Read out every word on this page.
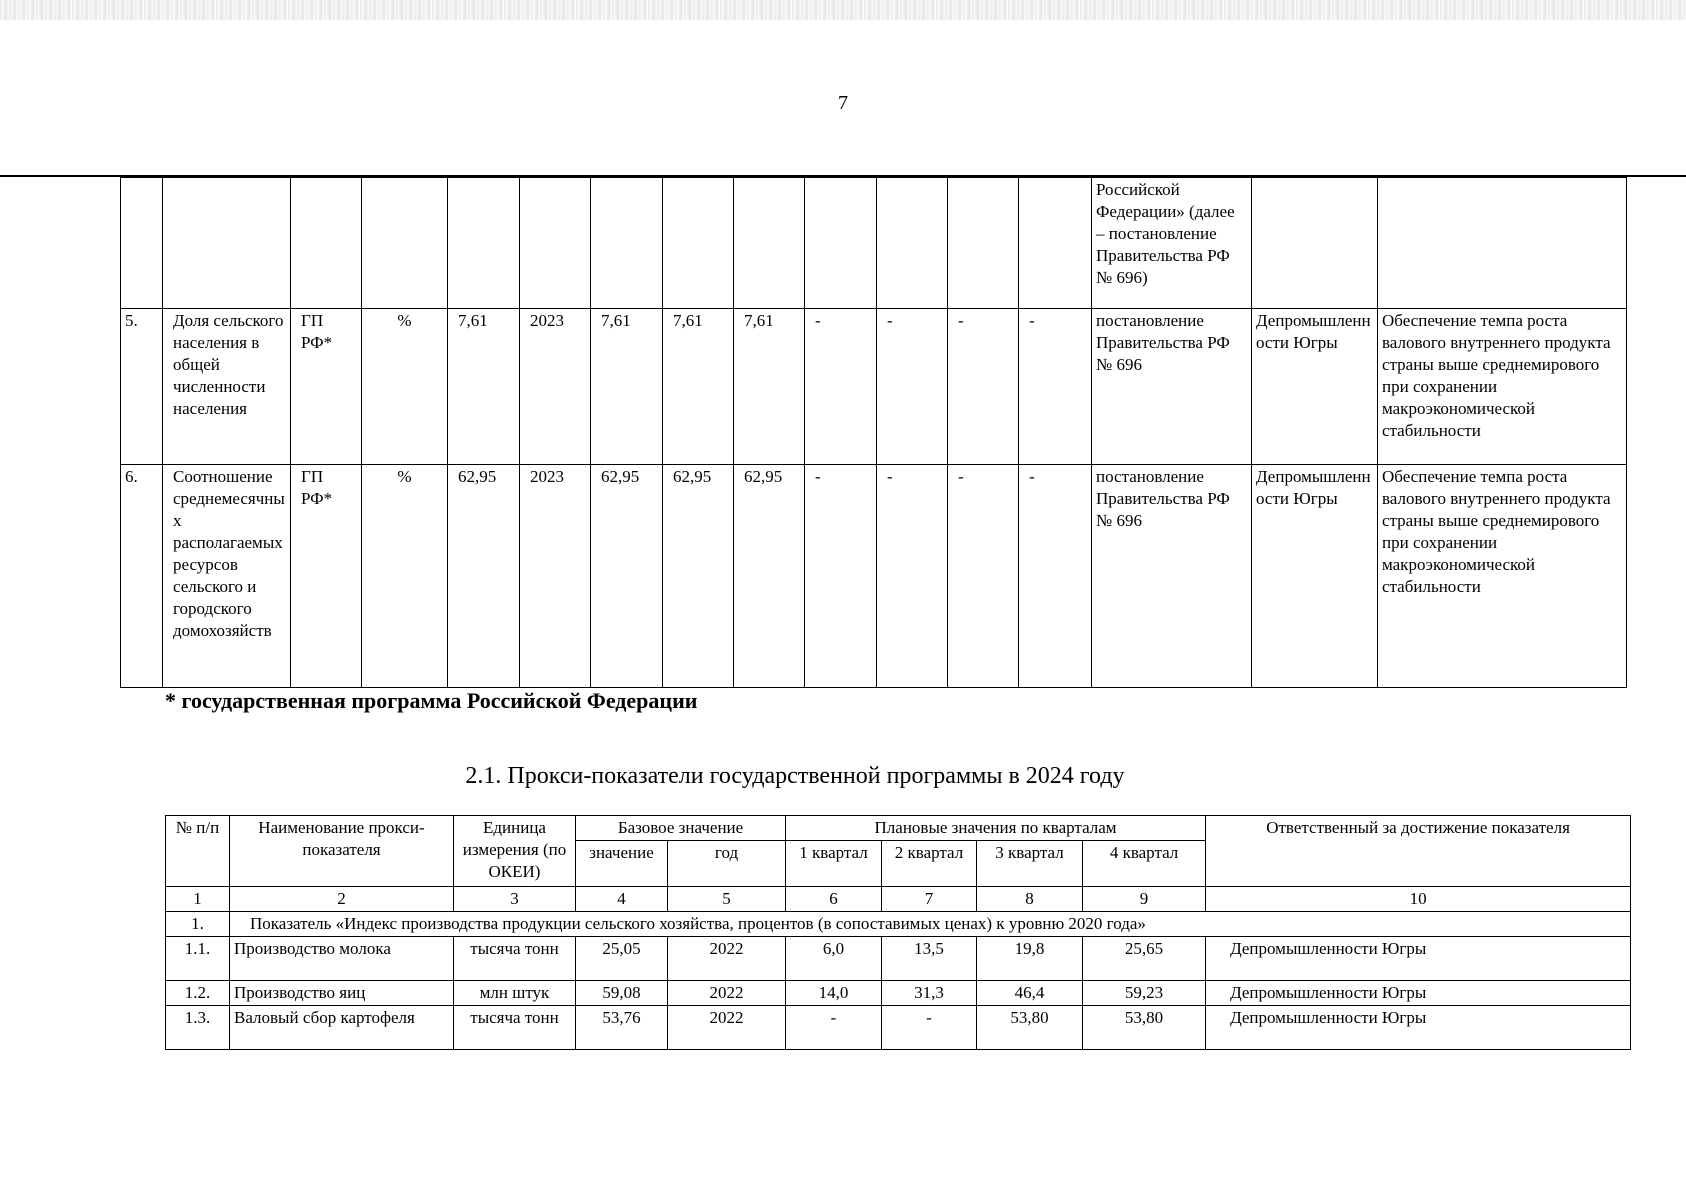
7
													Российской Федерации» (далее – постановление Правительства РФ № 696)		
5.	Доля сельского населения в общей численности населения	ГП РФ*	%	7,61	2023	7,61	7,61	7,61	-	-	-	-	постановление Правительства РФ № 696	Депромышленности Югры	Обеспечение темпа роста валового внутреннего продукта страны выше среднемирового при сохранении макроэкономической стабильности
6.	Соотношение среднемесячных располагаемых ресурсов сельского и городского домохозяйств	ГП РФ*	%	62,95	2023	62,95	62,95	62,95	-	-	-	-	постановление Правительства РФ № 696	Депромышленности Югры	Обеспечение темпа роста валового внутреннего продукта страны выше среднемирового при сохранении макроэкономической стабильности
* государственная программа Российской Федерации
2.1. Прокси-показатели государственной программы в 2024 году
№ п/п	Наименование прокси-показателя	Единица измерения (по ОКЕИ)	Базовое значение		Плановые значения по кварталам				Ответственный за достижение показателя
			значение	год	1 квартал	2 квартал	3 квартал	4 квартал	
1	2	3	4	5	6	7	8	9	10
1.	Показатель «Индекс производства продукции сельского хозяйства, процентов (в сопоставимых ценах) к уровню 2020 года»								
1.1.	Производство молока	тысяча тонн	25,05	2022	6,0	13,5	19,8	25,65	Депромышленности Югры
1.2.	Производство яиц	млн штук	59,08	2022	14,0	31,3	46,4	59,23	Депромышленности Югры
1.3.	Валовый сбор картофеля	тысяча тонн	53,76	2022	-	-	53,80	53,80	Депромышленности Югры
